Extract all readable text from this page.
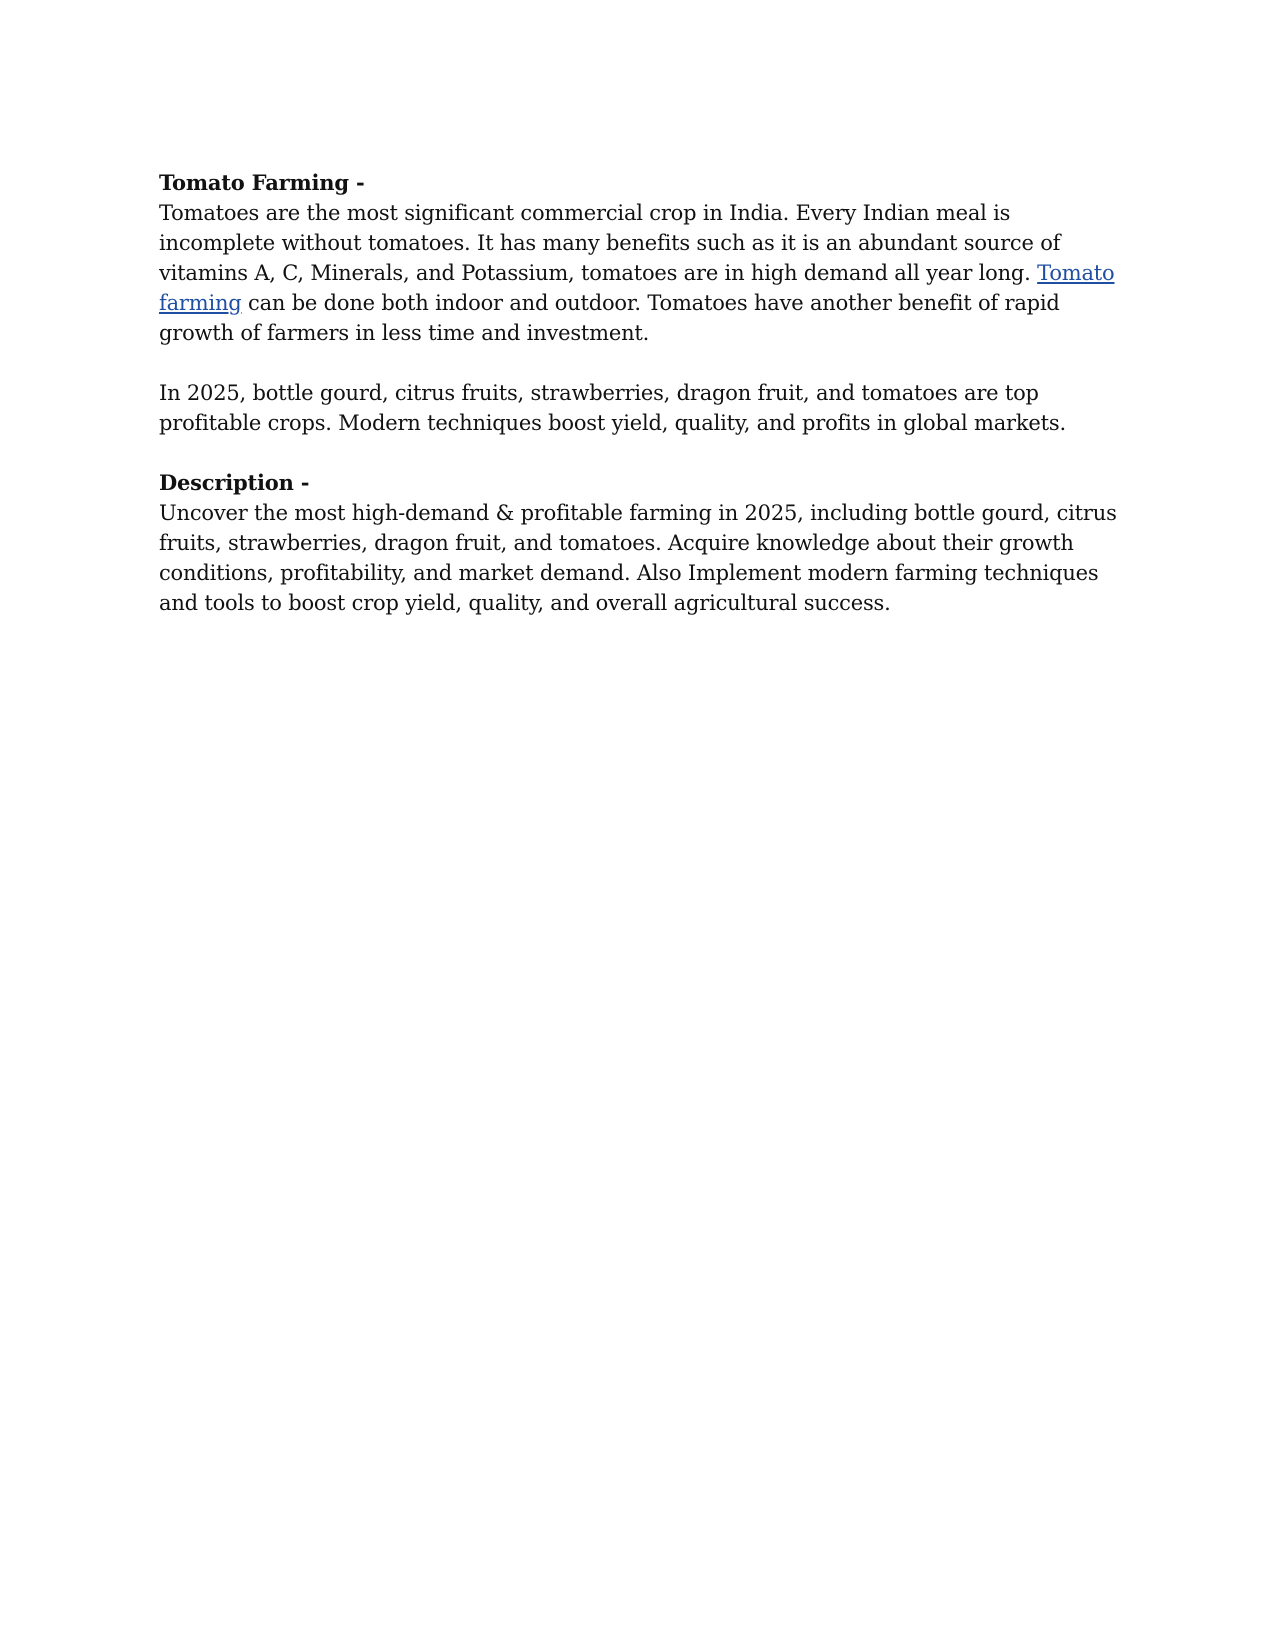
Tomato Farming -

Tomatoes are the most significant commercial crop in India. Every Indian meal is incomplete without tomatoes. It has many benefits such as it is an abundant source of vitamins A, C, Minerals, and Potassium, tomatoes are in high demand all year long. Tomato farming can be done both indoor and outdoor. Tomatoes have another benefit of rapid growth of farmers in less time and investment.

In 2025, bottle gourd, citrus fruits, strawberries, dragon fruit, and tomatoes are top profitable crops. Modern techniques boost yield, quality, and profits in global markets.

Description -

Uncover the most high-demand & profitable farming in 2025, including bottle gourd, citrus fruits, strawberries, dragon fruit, and tomatoes. Acquire knowledge about their growth conditions, profitability, and market demand. Also Implement modern farming techniques and tools to boost crop yield, quality, and overall agricultural success.
